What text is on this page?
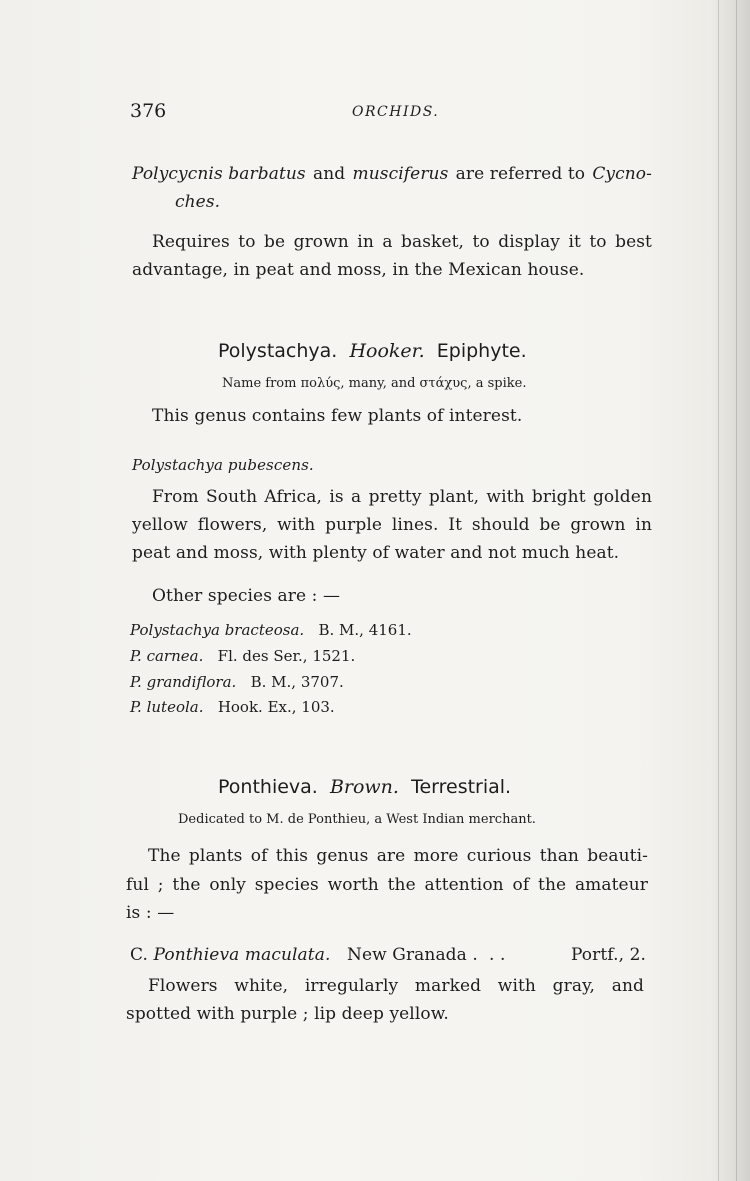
376	ORCHIDS.
Polycycnis barbatus and musciferus are referred to Cycno-
ches.
Requires to be grown in a basket, to display it to best
advantage, in peat and moss, in the Mexican house.
Polystachya. Hooker. Epiphyte.
Name from πολύς, many, and στάχυς, a spike.
This genus contains few plants of interest.
Polystachya pubescens.
From South Africa, is a pretty plant, with bright golden
yellow flowers, with purple lines. It should be grown in
peat and moss, with plenty of water and not much heat.
Other species are : —
Polystachya bracteosa. B. M., 4161.
P. carnea. Fl. des Ser., 1521.
P. grandiflora. B. M., 3707.
P. luteola. Hook. Ex., 103.
Ponthieva. Brown. Terrestrial.
Dedicated to M. de Ponthieu, a West Indian merchant.
The plants of this genus are more curious than beauti-
ful ; the only species worth the attention of the amateur
is : —
C. Ponthieva maculata. New Granada . . .	Portf., 2.
Flowers white, irregularly marked with gray, and
spotted with purple ; lip deep yellow.
